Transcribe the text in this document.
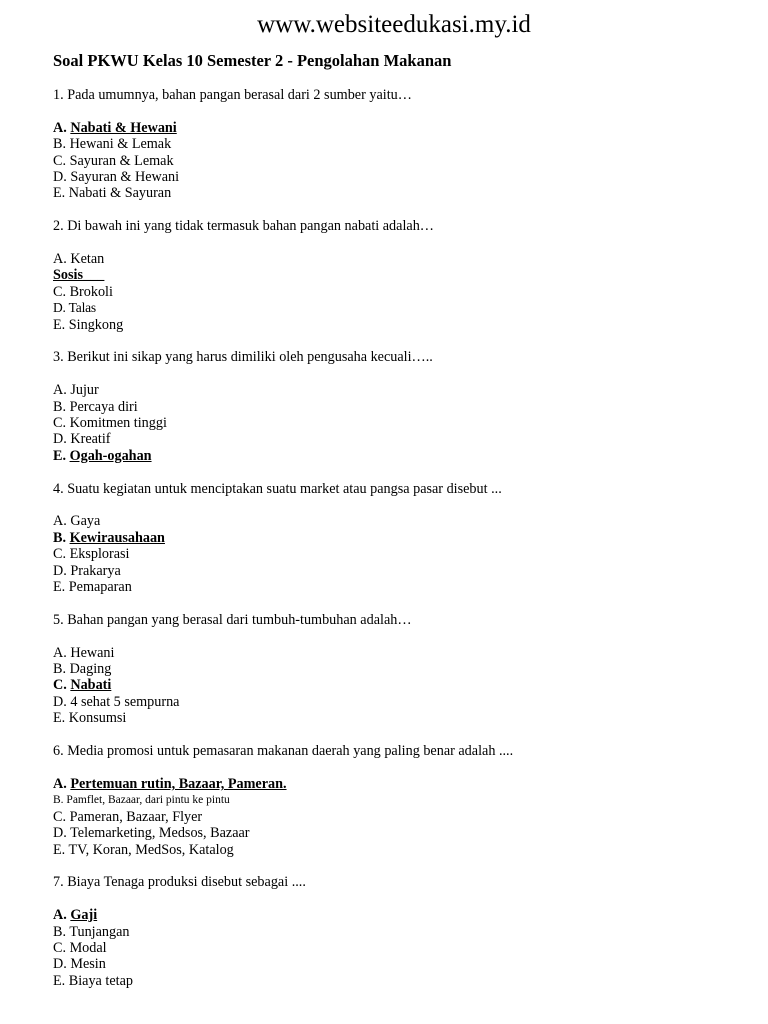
www.websiteedukasi.my.id
Soal PKWU Kelas 10 Semester 2 - Pengolahan Makanan
1. Pada umumnya, bahan pangan berasal dari 2 sumber yaitu…
A. Nabati & Hewani
B. Hewani & Lemak
C. Sayuran & Lemak
D. Sayuran & Hewani
E. Nabati & Sayuran
2. Di bawah ini yang tidak termasuk bahan pangan nabati adalah…
A. Ketan
Sosis___
C. Brokoli
D. Talas
E. Singkong
3. Berikut ini sikap yang harus dimiliki oleh pengusaha kecuali…..
A. Jujur
B. Percaya diri
C. Komitmen tinggi
D. Kreatif
E. Ogah-ogahan
4. Suatu kegiatan untuk menciptakan suatu market atau pangsa pasar disebut ...
A. Gaya
B. Kewirausahaan
C. Eksplorasi
D. Prakarya
E. Pemaparan
5. Bahan pangan yang berasal dari tumbuh-tumbuhan adalah…
A. Hewani
B. Daging
C. Nabati
D. 4 sehat 5 sempurna
E. Konsumsi
6. Media promosi untuk pemasaran makanan daerah yang paling benar adalah ....
A. Pertemuan rutin, Bazaar, Pameran.
B. Pamflet, Bazaar, dari pintu ke pintu
C. Pameran, Bazaar, Flyer
D. Telemarketing, Medsos, Bazaar
E. TV, Koran, MedSos, Katalog
7. Biaya Tenaga produksi disebut sebagai ....
A. Gaji
B. Tunjangan
C. Modal
D. Mesin
E. Biaya tetap
